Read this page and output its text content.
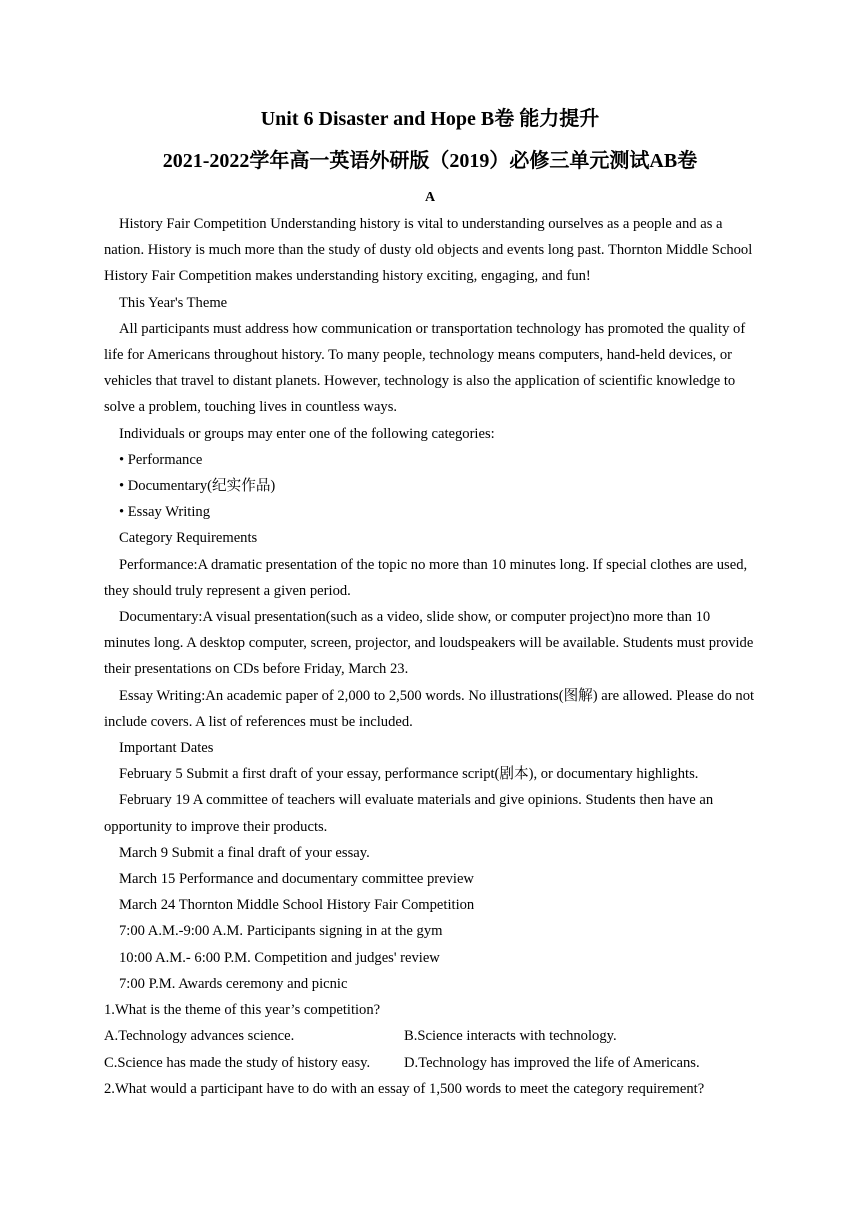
Unit 6 Disaster and Hope B卷 能力提升
2021-2022学年高一英语外研版（2019）必修三单元测试AB卷
A

History Fair Competition Understanding history is vital to understanding ourselves as a people and as a nation. History is much more than the study of dusty old objects and events long past. Thornton Middle School History Fair Competition makes understanding history exciting, engaging, and fun!

This Year's Theme

All participants must address how communication or transportation technology has promoted the quality of life for Americans throughout history. To many people, technology means computers, hand-held devices, or vehicles that travel to distant planets. However, technology is also the application of scientific knowledge to solve a problem, touching lives in countless ways.

Individuals or groups may enter one of the following categories:

• Performance

• Documentary(纪实作品)

• Essay Writing

Category Requirements

Performance:A dramatic presentation of the topic no more than 10 minutes long. If special clothes are used, they should truly represent a given period.

Documentary:A visual presentation(such as a video, slide show, or computer project)no more than 10 minutes long. A desktop computer, screen, projector, and loudspeakers will be available. Students must provide their presentations on CDs before Friday, March 23.

Essay Writing:An academic paper of 2,000 to 2,500 words. No illustrations(图解) are allowed. Please do not include covers. A list of references must be included.

Important Dates

February 5 Submit a first draft of your essay, performance script(剧本), or documentary highlights.

February 19 A committee of teachers will evaluate materials and give opinions. Students then have an opportunity to improve their products.

March 9 Submit a final draft of your essay.

March 15 Performance and documentary committee preview

March 24 Thornton Middle School History Fair Competition

7:00 A.M.-9:00 A.M. Participants signing in at the gym

10:00 A.M.- 6:00 P.M. Competition and judges' review

7:00 P.M. Awards ceremony and picnic

1.What is the theme of this year’s competition?

A.Technology advances science.	B.Science interacts with technology.
C.Science has made the study of history easy.	D.Technology has improved the life of Americans.

2.What would a participant have to do with an essay of 1,500 words to meet the category requirement?
